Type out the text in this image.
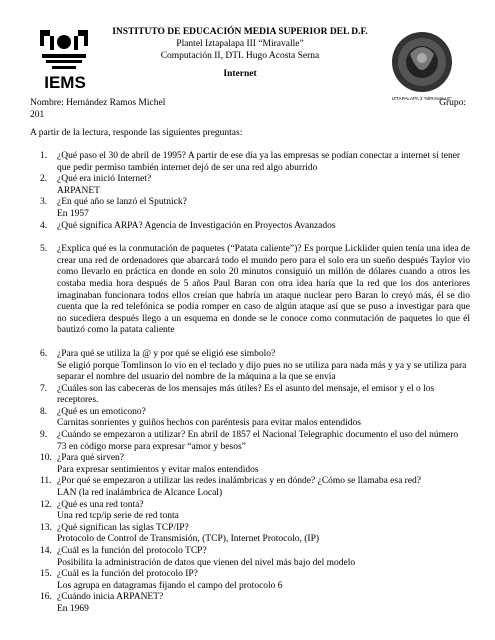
IEMS
INSTITUTO DE EDUCACIÓN MEDIA SUPERIOR DEL D.F.
Plantel Iztapalapa III “Miravalle”
Computación II, DTI. Hugo Acosta Serna
Internet
IZTAPALAPA 3 "MIRAVALLE"
Nombre: Hernández Ramos Michel	Grupo:
201
A partir de la lectura, responde las siguientes preguntas:
1. ¿Qué paso el 30 de abril de 1995? A partir de ese día ya las empresas se podían conectar a internet sí tener que pedir permiso también internet dejó de ser una red algo aburrido
2. ¿Qué era inició Internet?
ARPANET
3. ¿En qué año se lanzó el Sputnick?
En 1957
4. ¿Qué significa ARPA? Agencia de Investigación en Proyectos Avanzados
5. ¿Explica qué es la conmutación de paquetes (“Patata caliente”)? Es porque Licklider quien tenía una idea de crear una red de ordenadores que abarcará todo el mundo pero para el solo era un sueño después Taylor vio como llevarlo en práctica en donde en solo 20 minutos consiguió un millón de dólares cuando a otros les costaba media hora después de 5 años Paul Baran con otra idea haría que la red que los dos anteriores imaginaban funcionara todos ellos creían que habría un ataque nuclear pero Baran lo creyó más, él se dio cuenta que la red telefónica se podía romper en caso de algún ataque así que se puso a investigar para que no sucediera después llego a un esquema en donde se le conoce como conmutación de paquetes lo que él bautizó como la patata caliente
6. ¿Para qué se utiliza la @ y por qué se eligió ese símbolo?
Se eligió porque Tomlinson lo vio en el teclado y dijo pues no se utiliza para nada más y ya y se utiliza para separar el nombre del usuario del nombre de la máquina a la que se envía
7. ¿Cuáles son las cabeceras de los mensajes más útiles? Es el asunto del mensaje, el emisor y el o los receptores.
8. ¿Qué es un emoticono?
Carnitas sonrientes y guiños hechos con paréntesis para evitar malos entendidos
9. ¿Cuándo se empezaron a utilizar? En abril de 1857 el Nacional Telegraphic documento el uso del número 73 en código morse para expresar “amor y besos”
10. ¿Para qué sirven?
Para expresar sentimientos y evitar malos entendidos
11. ¿Por qué se empezaron a utilizar las redes inalámbricas y en dónde? ¿Cómo se llamaba esa red?
LAN (la red inalámbrica de Alcance Local)
12. ¿Qué es una red tonta?
Una red tcp/ip serie de red tonta
13. ¿Qué significan las siglas TCP/IP?
Protocolo de Control de Transmisión, (TCP), Internet Protocolo, (IP)
14. ¿Cuál es la función del protocolo TCP?
Posibilita la administración de datos que vienen del nivel más bajo del modelo
15. ¿Cuál es la función del protocolo IP?
Los agrupa en datagramas fijando el campo del protocolo 6
16. ¿Cuándo inicia ARPANET?
En 1969
